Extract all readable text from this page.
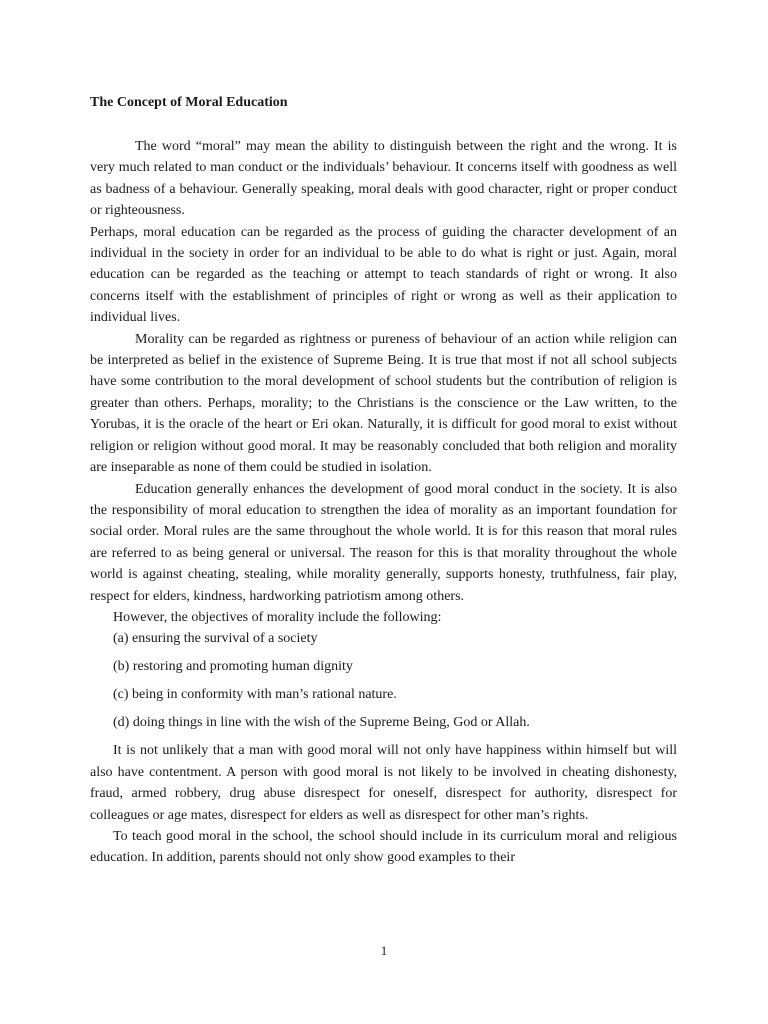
The Concept of Moral Education

The word “moral” may mean the ability to distinguish between the right and the wrong. It is very much related to man conduct or the individuals’ behaviour. It concerns itself with goodness as well as badness of a behaviour. Generally speaking, moral deals with good character, right or proper conduct or righteousness.

Perhaps, moral education can be regarded as the process of guiding the character development of an individual in the society in order for an individual to be able to do what is right or just. Again, moral education can be regarded as the teaching or attempt to teach standards of right or wrong. It also concerns itself with the establishment of principles of right or wrong as well as their application to individual lives.

Morality can be regarded as rightness or pureness of behaviour of an action while religion can be interpreted as belief in the existence of Supreme Being. It is true that most if not all school subjects have some contribution to the moral development of school students but the contribution of religion is greater than others. Perhaps, morality; to the Christians is the conscience or the Law written, to the Yorubas, it is the oracle of the heart or Eri okan. Naturally, it is difficult for good moral to exist without religion or religion without good moral. It may be reasonably concluded that both religion and morality are inseparable as none of them could be studied in isolation.

Education generally enhances the development of good moral conduct in the society. It is also the responsibility of moral education to strengthen the idea of morality as an important foundation for social order. Moral rules are the same throughout the whole world. It is for this reason that moral rules are referred to as being general or universal. The reason for this is that morality throughout the whole world is against cheating, stealing, while morality generally, supports honesty, truthfulness, fair play, respect for elders, kindness, hardworking patriotism among others.

However, the objectives of morality include the following:

(a) ensuring the survival of a society
(b) restoring and promoting human dignity
(c) being in conformity with man’s rational nature.
(d) doing things in line with the wish of the Supreme Being, God or Allah.

It is not unlikely that a man with good moral will not only have happiness within himself but will also have contentment. A person with good moral is not likely to be involved in cheating dishonesty, fraud, armed robbery, drug abuse disrespect for oneself, disrespect for authority, disrespect for colleagues or age mates, disrespect for elders as well as disrespect for other man’s rights.

To teach good moral in the school, the school should include in its curriculum moral and religious education. In addition, parents should not only show good examples to their

1
